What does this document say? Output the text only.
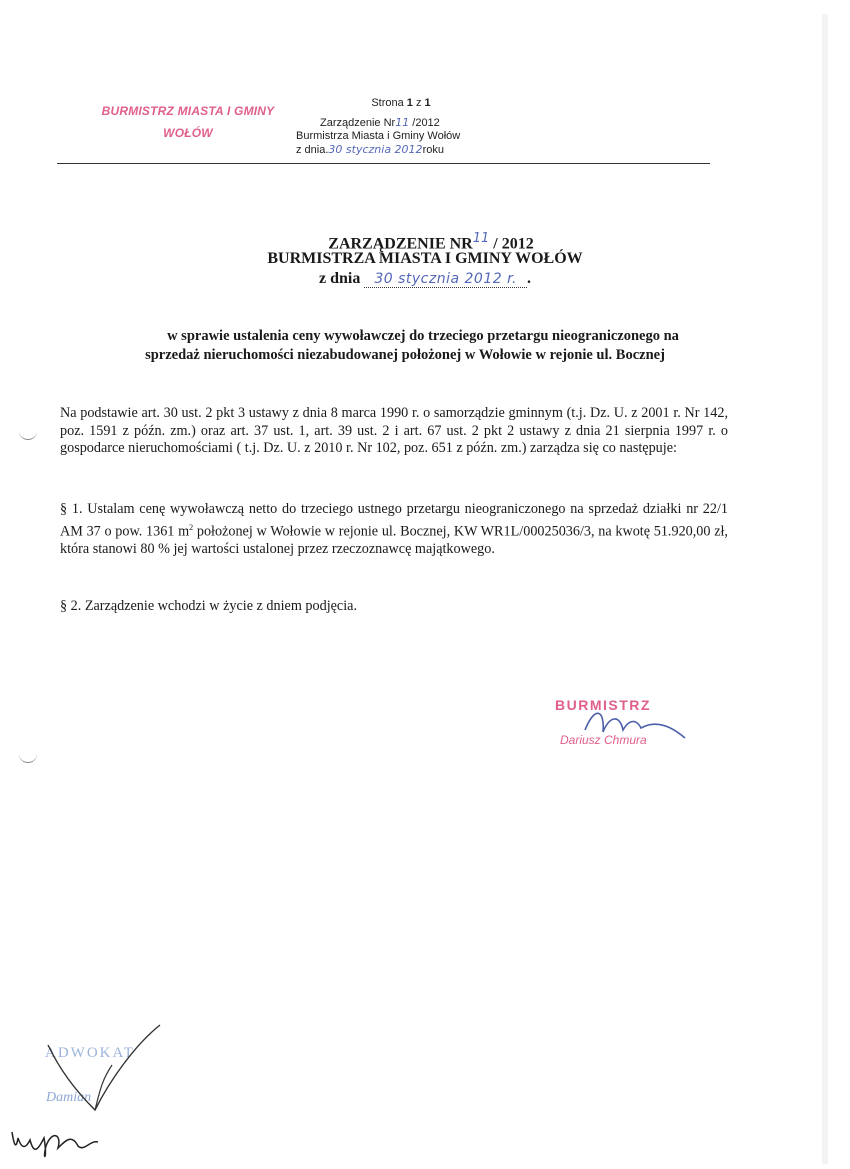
BURMISTRZ MIASTA I GMINY
WOŁÓW
Strona 1 z 1
Zarządzenie Nr11 /2012
Burmistrza Miasta i Gminy Wołów
z dnia.30 stycznia 2012roku
ZARZĄDZENIE NR$^{11}$ / 2012
BURMISTRZA MIASTA I GMINY WOŁÓW
z dnia 30 stycznia 2012 r. .
w sprawie ustalenia ceny wywoławczej do trzeciego przetargu nieograniczonego na
sprzedaż nieruchomości niezabudowanej położonej w Wołowie w rejonie ul. Bocznej
Na podstawie art. 30 ust. 2 pkt 3 ustawy z dnia 8 marca 1990 r. o samorządzie gminnym (t.j. Dz. U. z 2001 r. Nr 142, poz. 1591 z późn. zm.) oraz art. 37 ust. 1, art. 39 ust. 2 i art. 67 ust. 2 pkt 2 ustawy z dnia 21 sierpnia 1997 r. o gospodarce nieruchomościami ( t.j. Dz. U. z 2010 r. Nr 102, poz. 651 z późn. zm.) zarządza się co następuje:
§ 1. Ustalam cenę wywoławczą netto do trzeciego ustnego przetargu nieograniczonego na sprzedaż działki nr 22/1 AM 37 o pow. 1361 $m^2$ położonej w Wołowie w rejonie ul. Bocznej, KW WR1L/00025036/3, na kwotę 51.920,00 zł, która stanowi 80 % jej wartości ustalonej przez rzeczoznawcę majątkowego.
§ 2. Zarządzenie wchodzi w życie z dniem podjęcia.
BURMISTRZ
Dariusz Chmura
ADWOKAT
Damian
